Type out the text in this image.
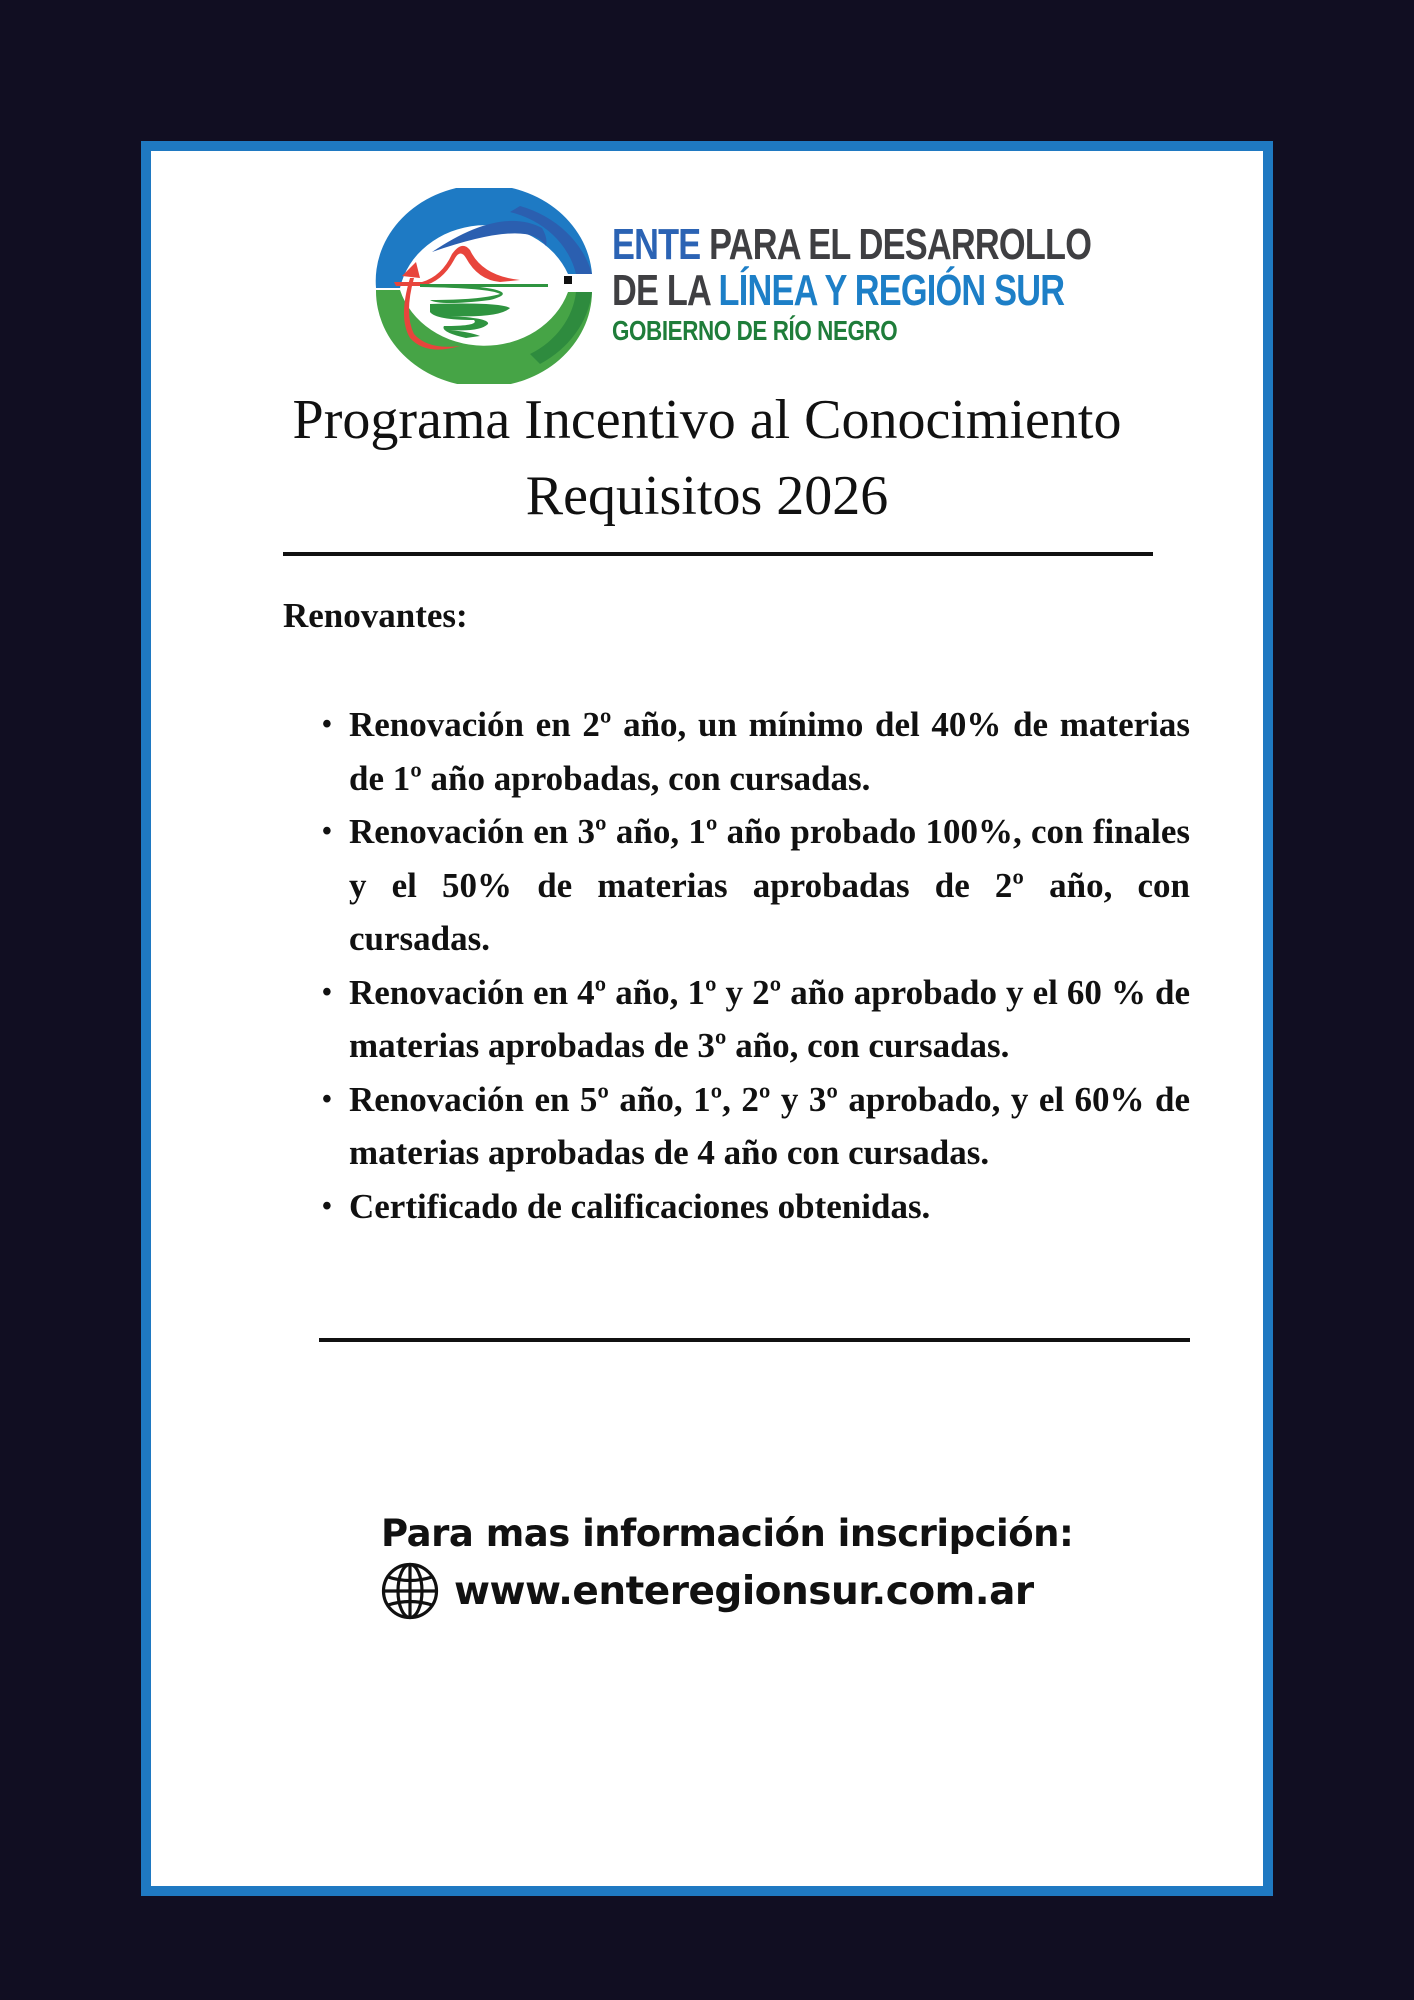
ENTE PARA EL DESARROLLO
DE LA LÍNEA Y REGIÓN SUR
GOBIERNO DE RÍO NEGRO
Programa Incentivo al Conocimiento
Requisitos 2026
Renovantes:
• Renovación en 2º año, un mínimo del 40% de materias de 1º año aprobadas, con cursadas.
• Renovación en 3º año, 1º año probado 100%, con finales y el 50% de materias aprobadas de 2º año, con cursadas.
• Renovación en 4º año, 1º y 2º año aprobado y el 60 % de materias aprobadas de 3º año, con cursadas.
• Renovación en 5º año, 1º, 2º y 3º aprobado, y el 60% de materias aprobadas de 4 año con cursadas.
• Certificado de calificaciones obtenidas.
Para mas información inscripción:
www.enteregionsur.com.ar
